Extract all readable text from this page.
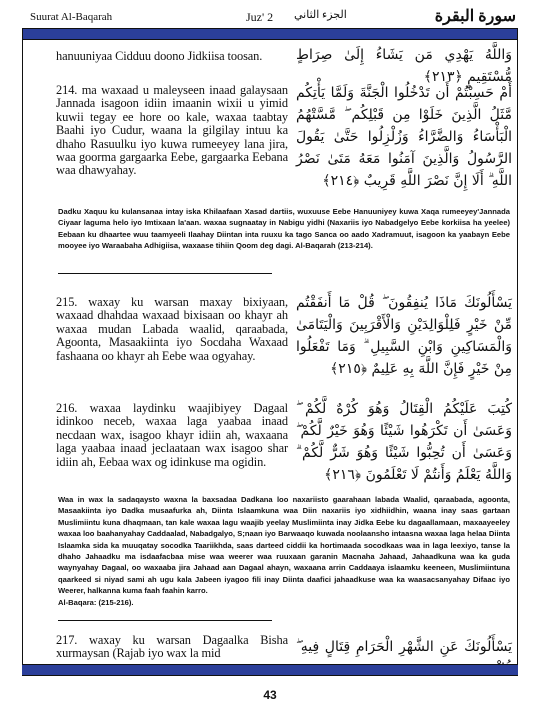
Suurat Al-Baqarah	Juz' 2 الجزء الثاني	سورة البقرة
hanuuniyaa Cidduu doono Jidkiisa toosan.	وَاللَّهُ يَهْدِي مَن يَشَاءُ إِلَىٰ صِرَاطٍ مُّسْتَقِيمٍ ﴿٢١٣﴾
214. ma waxaad u maleyseen inaad galaysaan Jannada isagoon idiin imaanin wixii u yimid kuwii tegay ee hore oo kale, waxaa taabtay Baahi iyo Cudur, waana la gilgilay intuu ka dhaho Rasuulku iyo kuwa rumeeyey lana jira, waa goorma gargaarka Eebe, gargaarka Eebana waa dhawyahay.
أَمْ حَسِبْتُمْ أَن تَدْخُلُوا الْجَنَّةَ وَلَمَّا يَأْتِكُم مَّثَلُ الَّذِينَ خَلَوْا مِن قَبْلِكُم ۖ مَّسَّتْهُمُ الْبَأْسَاءُ وَالضَّرَّاءُ وَزُلْزِلُوا حَتَّىٰ يَقُولَ الرَّسُولُ وَالَّذِينَ آمَنُوا مَعَهُ مَتَىٰ نَصْرُ اللَّهِ ۗ أَلَا إِنَّ نَصْرَ اللَّهِ قَرِيبٌ ﴿٢١٤﴾
Dadku Xaquu ku kulansanaa intay iska Khilaafaan Xasad dartiis, wuxuuse Eebe Hanuuniyey kuwa Xaqa rumeeyey'Jannada Ciyaar laguma helo iyo Imtixaan la'aan. waxaa sugnaatay in Nabigu yidhi (Naxariis iyo Nabadgelyo Eebe korkiisa ha yeelee) Eebaan ku dhaartee wuu taamyeeli Ilaahay Diintan inta ruuxu ka tago Sanca oo aado Xadramuut, isagoon ka yaabayn Eebe mooyee iyo Waraabaha Adhigiisa, waxaase tihiin Qoom deg dagi. Al-Baqarah (213-214).
215. waxay ku warsan maxay bixiyaan, waxaad dhahdaa waxaad bixisaan oo khayr ah waxaa mudan Labada waalid, qaraabada, Agoonta, Masaakiinta iyo Socdaha Waxaad fashaana oo khayr ah Eebe waa ogyahay.
يَسْأَلُونَكَ مَاذَا يُنفِقُونَ ۖ قُلْ مَا أَنفَقْتُم مِّنْ خَيْرٍ فَلِلْوَالِدَيْنِ وَالْأَقْرَبِينَ وَالْيَتَامَىٰ وَالْمَسَاكِينِ وَابْنِ السَّبِيلِ ۗ وَمَا تَفْعَلُوا مِنْ خَيْرٍ فَإِنَّ اللَّهَ بِهِ عَلِيمٌ ﴿٢١٥﴾
216. waxaa laydinku waajibiyey Dagaal idinkoo neceb, waxaa laga yaabaa inaad necdaan wax, isagoo khayr idiin ah, waxaana laga yaabaa inaad jeclaataan wax isagoo shar idiin ah, Eebaa wax og idinkuse ma ogidin.
كُتِبَ عَلَيْكُمُ الْقِتَالُ وَهُوَ كُرْهٌ لَّكُمْ ۖ وَعَسَىٰ أَن تَكْرَهُوا شَيْئًا وَهُوَ خَيْرٌ لَّكُمْ ۖ وَعَسَىٰ أَن تُحِبُّوا شَيْئًا وَهُوَ شَرٌّ لَّكُمْ ۗ وَاللَّهُ يَعْلَمُ وَأَنتُمْ لَا تَعْلَمُونَ ﴿٢١٦﴾
Waa in wax la sadaqaysto waxna la baxsadaa Dadkana loo naxariisto gaarahaan labada Waalid, qaraabada, agoonta, Masaakiinta iyo Dadka musaafurka ah, Diinta Islaamkuna waa Diin naxariis iyo xidhiidhin, waana inay saas gartaan Muslimiintu kuna dhaqmaan, tan kale waxaa lagu waajib yeelay Muslimiinta inay Jidka Eebe ku dagaallamaan, maxaayeeley waxaa loo baahanyahay Caddaalad, Nabadgalyo, S;naan iyo Barwaaqo kuwada noolaansho intaasna waxaa laga helaa Diinta Islaamka sida ka muuqatay socodka Taariikhda, saas darteed ciddii ka hortimaada socodkaas waa in laga leexiyo, tanse la dhaho Jahaadku ma isdaafacbaa mise waa weerer waa ruuxaan garanin Macnaha Jahaad, Jahaadkuna waa ka guda waynyahay Dagaal, oo waxaaba jira Jahaad aan Dagaal ahayn, waxaana arrin Caddaaya islaamku keeneen, Muslimiintuna qaarkeed si niyad sami ah ugu kala Jabeen iyagoo fili inay Diinta daafici jahaadkuse waa ka waasacsanyahay Difaac iyo Weerer, halkanna kuma faah faahin karro.
Al-Baqara: (215-216).
217. waxay ku warsan Dagaalka Bisha xurmaysan (Rajab iyo wax la mid	يَسْأَلُونَكَ عَنِ الشَّهْرِ الْحَرَامِ قِتَالٍ فِيهِ ۖ
43
